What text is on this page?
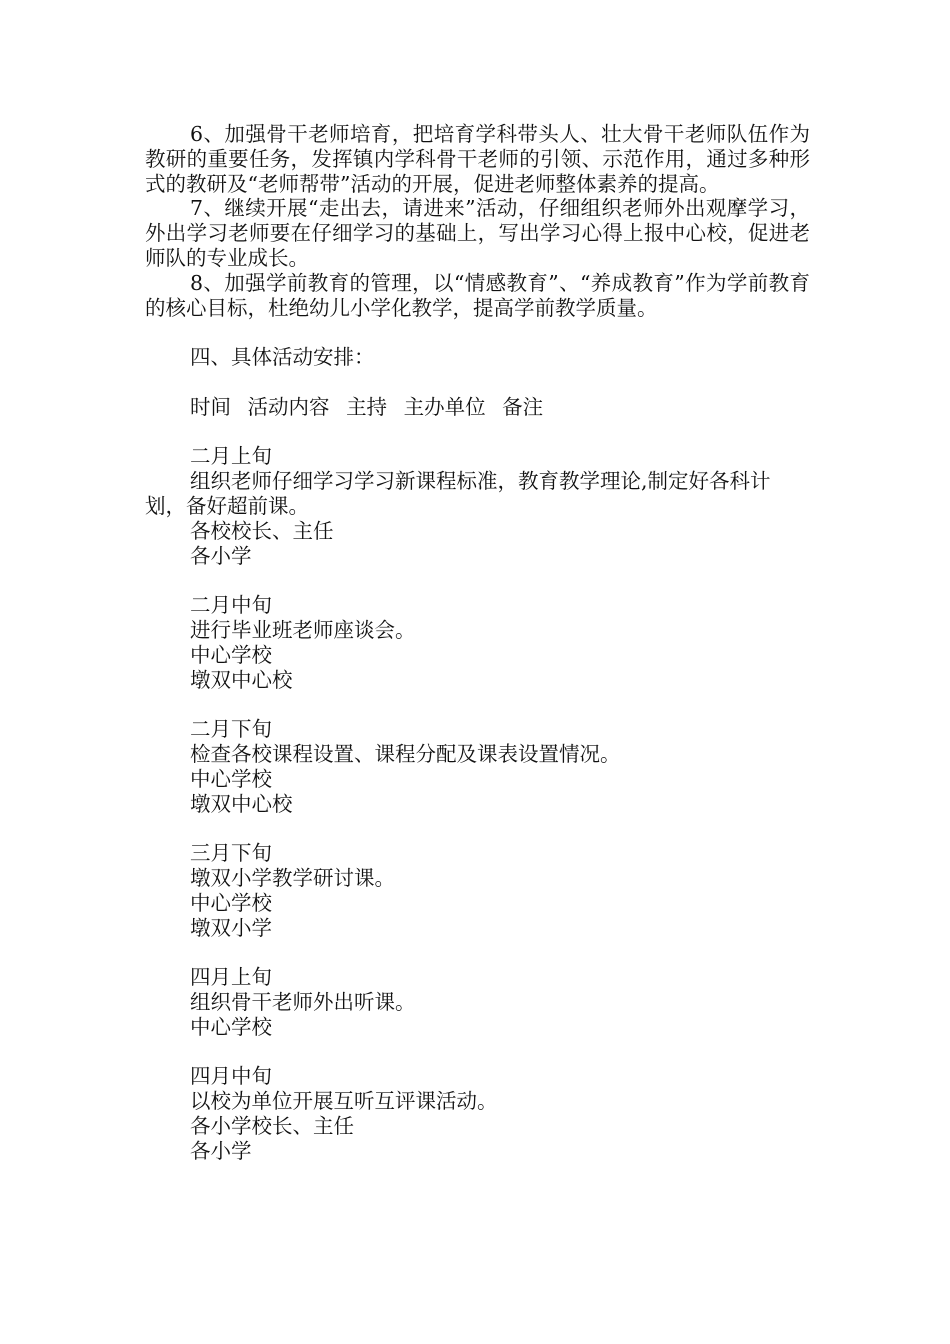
6、加强骨干老师培育，把培育学科带头人、壮大骨干老师队伍作为教研的重要任务，发挥镇内学科骨干老师的引领、示范作用，通过多种形式的教研及“老师帮带”活动的开展，促进老师整体素养的提高。

7、继续开展“走出去，请进来”活动，仔细组织老师外出观摩学习，外出学习老师要在仔细学习的基础上，写出学习心得上报中心校，促进老师队的专业成长。

8、加强学前教育的管理，以“情感教育”、“养成教育”作为学前教育的核心目标，杜绝幼儿小学化教学，提高学前教学质量。

四、具体活动安排：

时间 活动内容 主持 主办单位 备注

二月上旬

组织老师仔细学习学习新课程标准，教育教学理论,制定好各科计划，备好超前课。

各校校长、主任

各小学

二月中旬

进行毕业班老师座谈会。

中心学校

墩双中心校

二月下旬

检查各校课程设置、课程分配及课表设置情况。

中心学校

墩双中心校

三月下旬

墩双小学教学研讨课。

中心学校

墩双小学

四月上旬

组织骨干老师外出听课。

中心学校

四月中旬

以校为单位开展互听互评课活动。

各小学校长、主任

各小学
